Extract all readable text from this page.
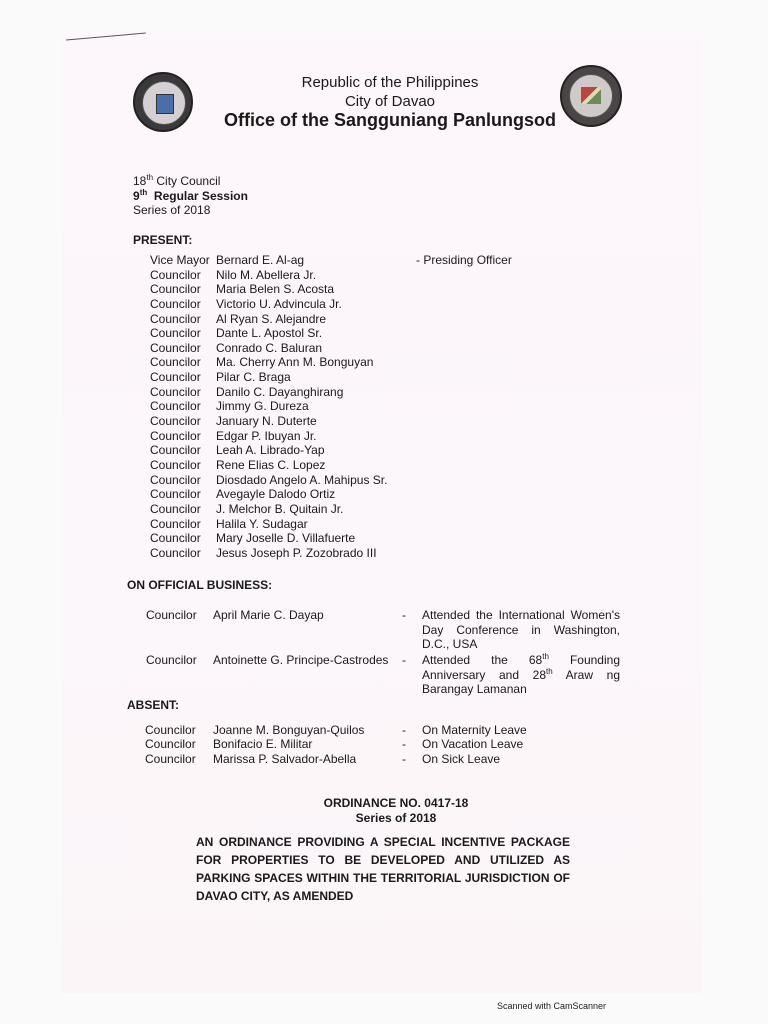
Republic of the Philippines
City of Davao
Office of the Sangguniang Panlungsod
18th City Council
9th Regular Session
Series of 2018
PRESENT:
Vice Mayor Bernard E. Al-ag	- Presiding Officer
Councilor Nilo M. Abellera Jr.
Councilor Maria Belen S. Acosta
Councilor Victorio U. Advincula Jr.
Councilor Al Ryan S. Alejandre
Councilor Dante L. Apostol Sr.
Councilor Conrado C. Baluran
Councilor Ma. Cherry Ann M. Bonguyan
Councilor Pilar C. Braga
Councilor Danilo C. Dayanghirang
Councilor Jimmy G. Dureza
Councilor January N. Duterte
Councilor Edgar P. Ibuyan Jr.
Councilor Leah A. Librado-Yap
Councilor Rene Elias C. Lopez
Councilor Diosdado Angelo A. Mahipus Sr.
Councilor Avegayle Dalodo Ortiz
Councilor J. Melchor B. Quitain Jr.
Councilor Halila Y. Sudagar
Councilor Mary Joselle D. Villafuerte
Councilor Jesus Joseph P. Zozobrado III
ON OFFICIAL BUSINESS:
Councilor April Marie C. Dayap	- Attended the International Women's Day Conference in Washington, D.C., USA
Councilor Antoinette G. Principe-Castrodes - Attended the 68th Founding Anniversary and 28th Araw ng Barangay Lamanan
ABSENT:
Councilor Joanne M. Bonguyan-Quilos	- On Maternity Leave
Councilor Bonifacio E. Militar	- On Vacation Leave
Councilor Marissa P. Salvador-Abella	- On Sick Leave
ORDINANCE NO. 0417-18
Series of 2018
AN ORDINANCE PROVIDING A SPECIAL INCENTIVE PACKAGE FOR PROPERTIES TO BE DEVELOPED AND UTILIZED AS PARKING SPACES WITHIN THE TERRITORIAL JURISDICTION OF DAVAO CITY, AS AMENDED
Scanned with CamScanner
